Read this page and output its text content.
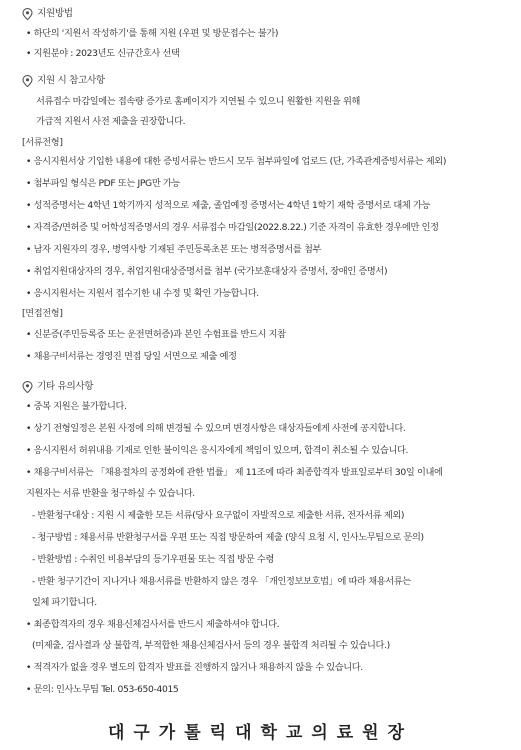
지원방법
• 하단의 '지원서 작성하기'를 통해 지원 (우편 및 방문접수는 불가)
• 지원분야 : 2023년도 신규간호사 선택
지원 시 참고사항
서류접수 마감일에는 접속량 증가로 홈페이지가 지연될 수 있으니 원활한 지원을 위해
가급적 지원서 사전 제출을 권장합니다.
[서류전형]
• 응시지원서상 기입한 내용에 대한 증빙서류는 반드시 모두 첨부파일에 업로드 (단, 가족관계증빙서류는 제외)
• 첨부파일 형식은 PDF 또는 JPG만 가능
• 성적증명서는 4학년 1학기까지 성적으로 제출, 졸업예정 증명서는 4학년 1학기 재학 증명서로 대체 가능
• 자격증/면허증 및 어학성적증명서의 경우 서류접수 마감일(2022.8.22.) 기준 자격이 유효한 경우에만 인정
• 남자 지원자의 경우, 병역사항 기재된 주민등록초본 또는 병적증명서를 첨부
• 취업지원대상자의 경우, 취업지원대상증명서를 첨부 (국가보훈대상자 증명서, 장애인 증명서)
• 응시지원서는 지원서 접수기한 내 수정 및 확인 가능합니다.
[면접전형]
• 신분증(주민등록증 또는 운전면허증)과 본인 수험표를 반드시 지참
• 채용구비서류는 경영진 면접 당일 서면으로 제출 예정
기타 유의사항
• 중복 지원은 불가합니다.
• 상기 전형일정은 본원 사정에 의해 변경될 수 있으며 변경사항은 대상자들에게 사전에 공지합니다.
• 응시지원서 허위내용 기재로 인한 불이익은 응시자에게 책임이 있으며, 합격이 취소될 수 있습니다.
• 채용구비서류는 「채용절차의 공정화에 관한 법률」 제 11조에 따라 최종합격자 발표일로부터 30일 이내에
지원자는 서류 반환을 청구하실 수 있습니다.
- 반환청구대상 : 지원 시 제출한 모든 서류(당사 요구없이 자발적으로 제출한 서류, 전자서류 제외)
- 청구방법 : 채용서류 반환청구서를 우편 또는 직접 방문하여 제출 (양식 요청 시, 인사노무팀으로 문의)
- 반환방법 : 수취인 비용부담의 등기우편물 또는 직접 방문 수령
- 반환 청구기간이 지나거나 채용서류를 반환하지 않은 경우 「개인정보보호법」에 따라 채용서류는
일체 파기합니다.
• 최종합격자의 경우 채용신체검사서를 반드시 제출하셔야 합니다.
(미제출, 검사결과 상 불합격, 부적합한 채용신체검사서 등의 경우 불합격 처리될 수 있습니다.)
• 적격자가 없을 경우 별도의 합격자 발표를 진행하지 않거나 채용하지 않을 수 있습니다.
• 문의: 인사노무팀 Tel. 053-650-4015
대구가톨릭대학교의료원장
